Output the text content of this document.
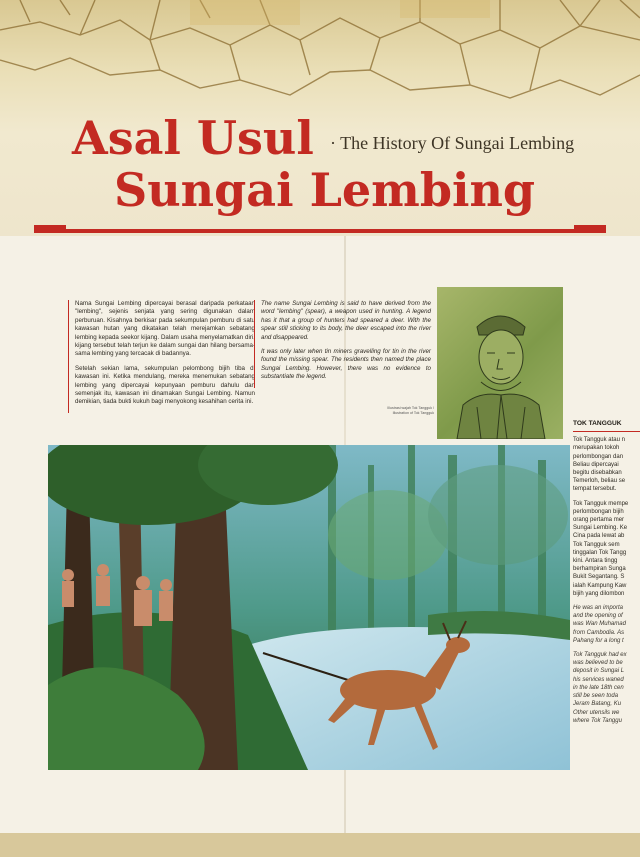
Asal Usul
Sungai Lembing
· The History Of Sungai Lembing

Nama Sungai Lembing dipercayai berasal daripada perkataan "lembing", sejenis senjata yang sering digunakan dalam perburuan. Kisahnya berkisar pada sekumpulan pemburu di satu kawasan hutan yang dikatakan telah merejamkan sebatang lembing kepada seekor kijang. Dalam usaha menyelamatkan diri, kijang tersebut telah terjun ke dalam sungai dan hilang bersama-sama lembing yang tercacak di badannya.

Setelah sekian lama, sekumpulan pelombong bijih tiba di kawasan ini. Ketika mendulang, mereka menemukan sebatang lembing yang dipercayai kepunyaan pemburu dahulu dan semenjak itu, kawasan ini dinamakan Sungai Lembing. Namun demikian, tiada bukti kukuh bagi menyokong kesahihan cerita ini.

The name Sungai Lembing is said to have derived from the word "lembing" (spear), a weapon used in hunting. A legend has it that a group of hunters had speared a deer. With the spear still sticking to its body, the deer escaped into the river and disappeared.

It was only later when tin miners gravelling for tin in the river found the missing spear. The residents then named the place Sungai Lembing. However, there was no evidence to substantiate the legend.

Illustrasi wajah Tok Tangguk / Illustration of Tok Tangguk
TOK TANGGUK

Tok Tangguk atau n
merupakan tokoh
perlombongan dan
Beliau dipercayai
begitu disebabkan
Temerloh, beliau se
tempat tersebut.

Tok Tangguk mempe
perlombongan bijih
orang pertama mer
Sungai Lembing. Ke
Cina pada lewat ab
Tok Tangguk sem
tinggalan Tok Tangg
kini. Antara tingg
berhampiran Sunga
Bukit Segantang. S
ialah Kampung Kaw
bijih yang dilombon

He was an importa
and the opening of
was Wan Muhamad
from Cambodia. As
Pahang for a long t

Tok Tangguk had ex
was believed to be
deposit in Sungai L
his services waned
in the late 18th cen
still be seen toda
Jeram Batang, Ku
Other utensils we
where Tok Tanggu
